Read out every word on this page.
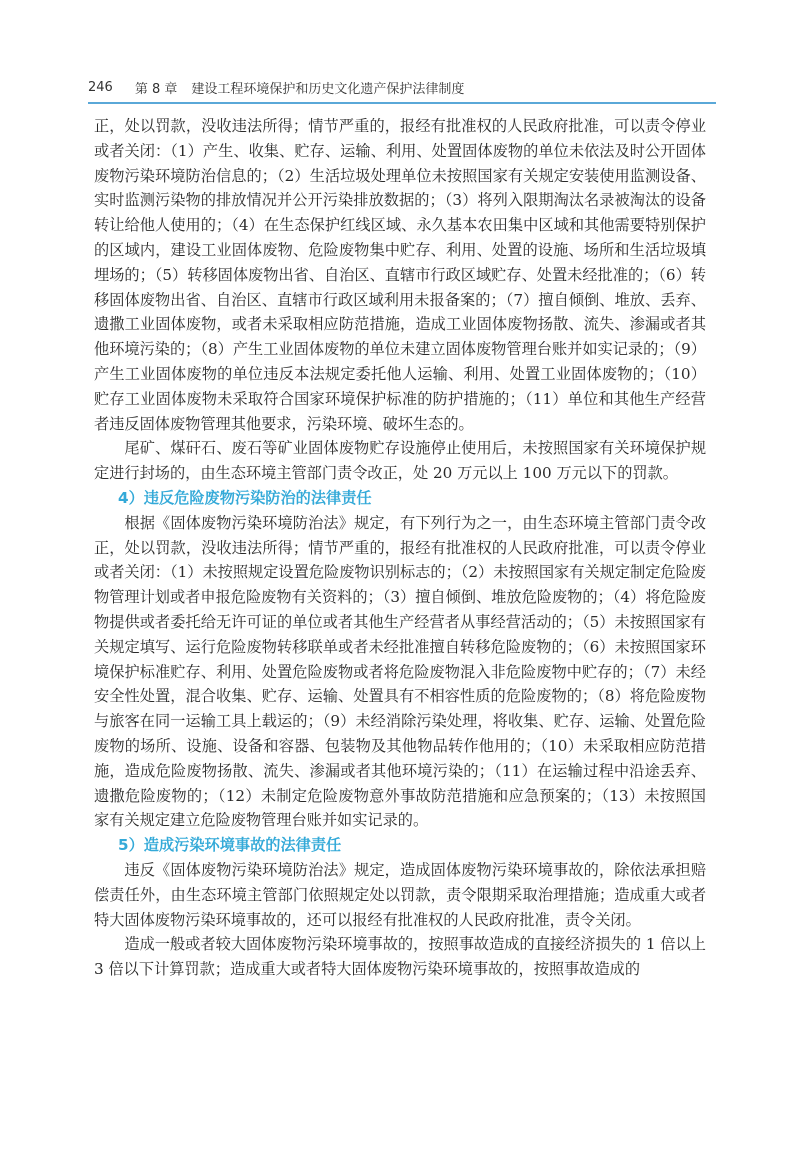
246 第 8 章 建设工程环境保护和历史文化遗产保护法律制度

正，处以罚款，没收违法所得；情节严重的，报经有批准权的人民政府批准，可以责令停业或者关闭：（1）产生、收集、贮存、运输、利用、处置固体废物的单位未依法及时公开固体废物污染环境防治信息的；（2）生活垃圾处理单位未按照国家有关规定安装使用监测设备、实时监测污染物的排放情况并公开污染排放数据的；（3）将列入限期淘汰名录被淘汰的设备转让给他人使用的；（4）在生态保护红线区域、永久基本农田集中区域和其他需要特别保护的区域内，建设工业固体废物、危险废物集中贮存、利用、处置的设施、场所和生活垃圾填埋场的；（5）转移固体废物出省、自治区、直辖市行政区域贮存、处置未经批准的；（6）转移固体废物出省、自治区、直辖市行政区域利用未报备案的；（7）擅自倾倒、堆放、丢弃、遗撒工业固体废物，或者未采取相应防范措施，造成工业固体废物扬散、流失、渗漏或者其他环境污染的；（8）产生工业固体废物的单位未建立固体废物管理台账并如实记录的；（9）产生工业固体废物的单位违反本法规定委托他人运输、利用、处置工业固体废物的；（10）贮存工业固体废物未采取符合国家环境保护标准的防护措施的；（11）单位和其他生产经营者违反固体废物管理其他要求，污染环境、破坏生态的。

尾矿、煤矸石、废石等矿业固体废物贮存设施停止使用后，未按照国家有关环境保护规定进行封场的，由生态环境主管部门责令改正，处 20 万元以上 100 万元以下的罚款。

4）违反危险废物污染防治的法律责任

根据《固体废物污染环境防治法》规定，有下列行为之一，由生态环境主管部门责令改正，处以罚款，没收违法所得；情节严重的，报经有批准权的人民政府批准，可以责令停业或者关闭：（1）未按照规定设置危险废物识别标志的；（2）未按照国家有关规定制定危险废物管理计划或者申报危险废物有关资料的；（3）擅自倾倒、堆放危险废物的；（4）将危险废物提供或者委托给无许可证的单位或者其他生产经营者从事经营活动的；（5）未按照国家有关规定填写、运行危险废物转移联单或者未经批准擅自转移危险废物的；（6）未按照国家环境保护标准贮存、利用、处置危险废物或者将危险废物混入非危险废物中贮存的；（7）未经安全性处置，混合收集、贮存、运输、处置具有不相容性质的危险废物的；（8）将危险废物与旅客在同一运输工具上载运的；（9）未经消除污染处理，将收集、贮存、运输、处置危险废物的场所、设施、设备和容器、包装物及其他物品转作他用的；（10）未采取相应防范措施，造成危险废物扬散、流失、渗漏或者其他环境污染的；（11）在运输过程中沿途丢弃、遗撒危险废物的；（12）未制定危险废物意外事故防范措施和应急预案的；（13）未按照国家有关规定建立危险废物管理台账并如实记录的。

5）造成污染环境事故的法律责任

违反《固体废物污染环境防治法》规定，造成固体废物污染环境事故的，除依法承担赔偿责任外，由生态环境主管部门依照规定处以罚款，责令限期采取治理措施；造成重大或者特大固体废物污染环境事故的，还可以报经有批准权的人民政府批准，责令关闭。

造成一般或者较大固体废物污染环境事故的，按照事故造成的直接经济损失的 1 倍以上 3 倍以下计算罚款；造成重大或者特大固体废物污染环境事故的，按照事故造成的
